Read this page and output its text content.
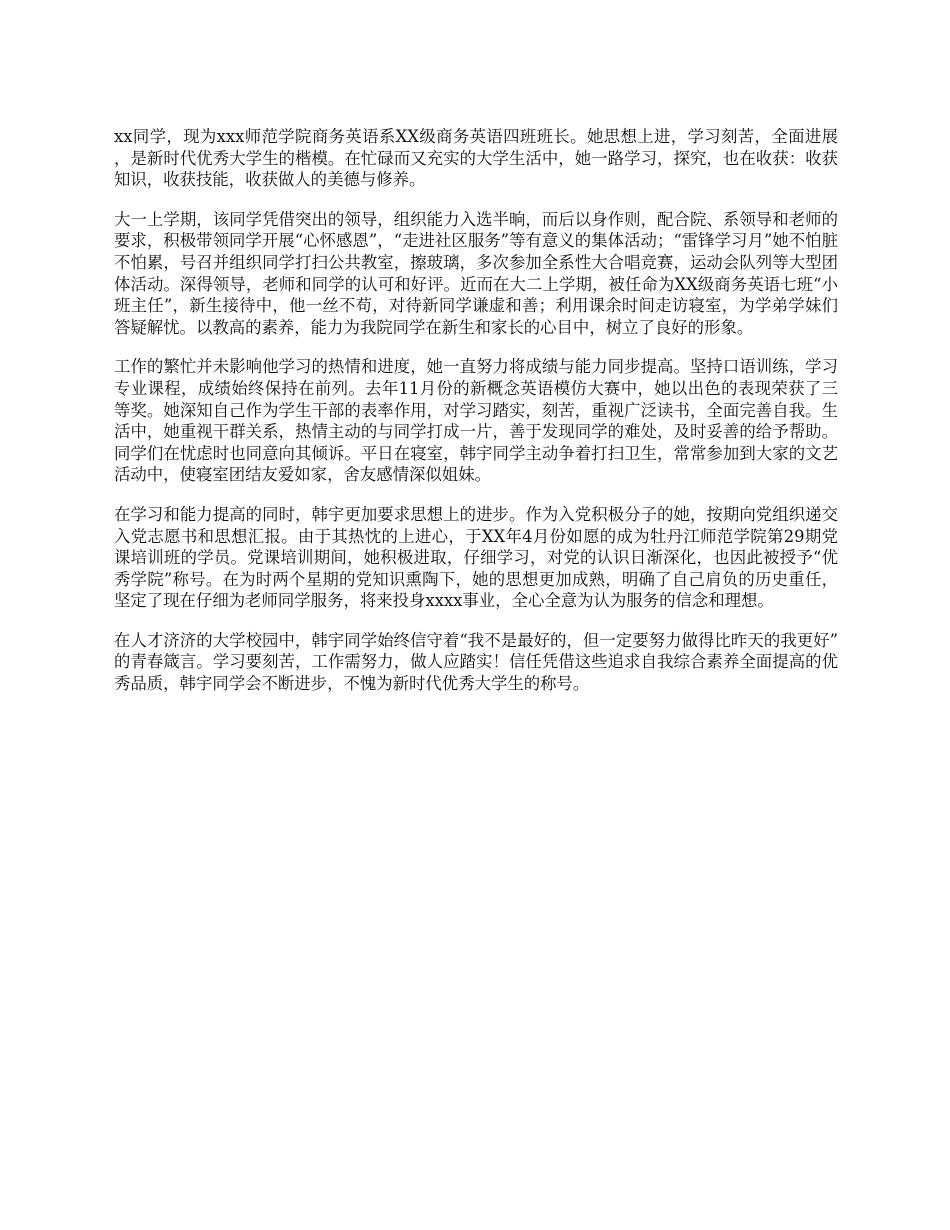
xx同学，现为xxx师范学院商务英语系XX级商务英语四班班长。她思想上进，学习刻苦，全面进展，是新时代优秀大学生的楷模。在忙碌而又充实的大学生活中，她一路学习，探究，也在收获：收获知识，收获技能，收获做人的美德与修养。

大一上学期，该同学凭借突出的领导，组织能力入选半晌，而后以身作则，配合院、系领导和老师的要求，积极带领同学开展“心怀感恩”，“走进社区服务”等有意义的集体活动；“雷锋学习月”她不怕脏不怕累，号召并组织同学打扫公共教室，擦玻璃，多次参加全系性大合唱竞赛，运动会队列等大型团体活动。深得领导，老师和同学的认可和好评。近而在大二上学期，被任命为XX级商务英语七班“小班主任”，新生接待中，他一丝不苟，对待新同学谦虚和善；利用课余时间走访寝室，为学弟学妹们答疑解忧。以教高的素养，能力为我院同学在新生和家长的心目中，树立了良好的形象。

工作的繁忙并未影响他学习的热情和进度，她一直努力将成绩与能力同步提高。坚持口语训练，学习专业课程，成绩始终保持在前列。去年11月份的新概念英语模仿大赛中，她以出色的表现荣获了三等奖。她深知自己作为学生干部的表率作用，对学习踏实，刻苦，重视广泛读书，全面完善自我。生活中，她重视干群关系，热情主动的与同学打成一片，善于发现同学的难处，及时妥善的给予帮助。同学们在忧虑时也同意向其倾诉。平日在寝室，韩宇同学主动争着打扫卫生，常常参加到大家的文艺活动中，使寝室团结友爱如家，舍友感情深似姐妹。

在学习和能力提高的同时，韩宇更加要求思想上的进步。作为入党积极分子的她，按期向党组织递交入党志愿书和思想汇报。由于其热忱的上进心，于XX年4月份如愿的成为牡丹江师范学院第29期党课培训班的学员。党课培训期间，她积极进取，仔细学习，对党的认识日渐深化，也因此被授予“优秀学院”称号。在为时两个星期的党知识熏陶下，她的思想更加成熟，明确了自己肩负的历史重任，坚定了现在仔细为老师同学服务，将来投身xxxx事业，全心全意为认为服务的信念和理想。

在人才济济的大学校园中，韩宇同学始终信守着“我不是最好的，但一定要努力做得比昨天的我更好”的青春箴言。学习要刻苦，工作需努力，做人应踏实！信任凭借这些追求自我综合素养全面提高的优秀品质，韩宇同学会不断进步，不愧为新时代优秀大学生的称号。
